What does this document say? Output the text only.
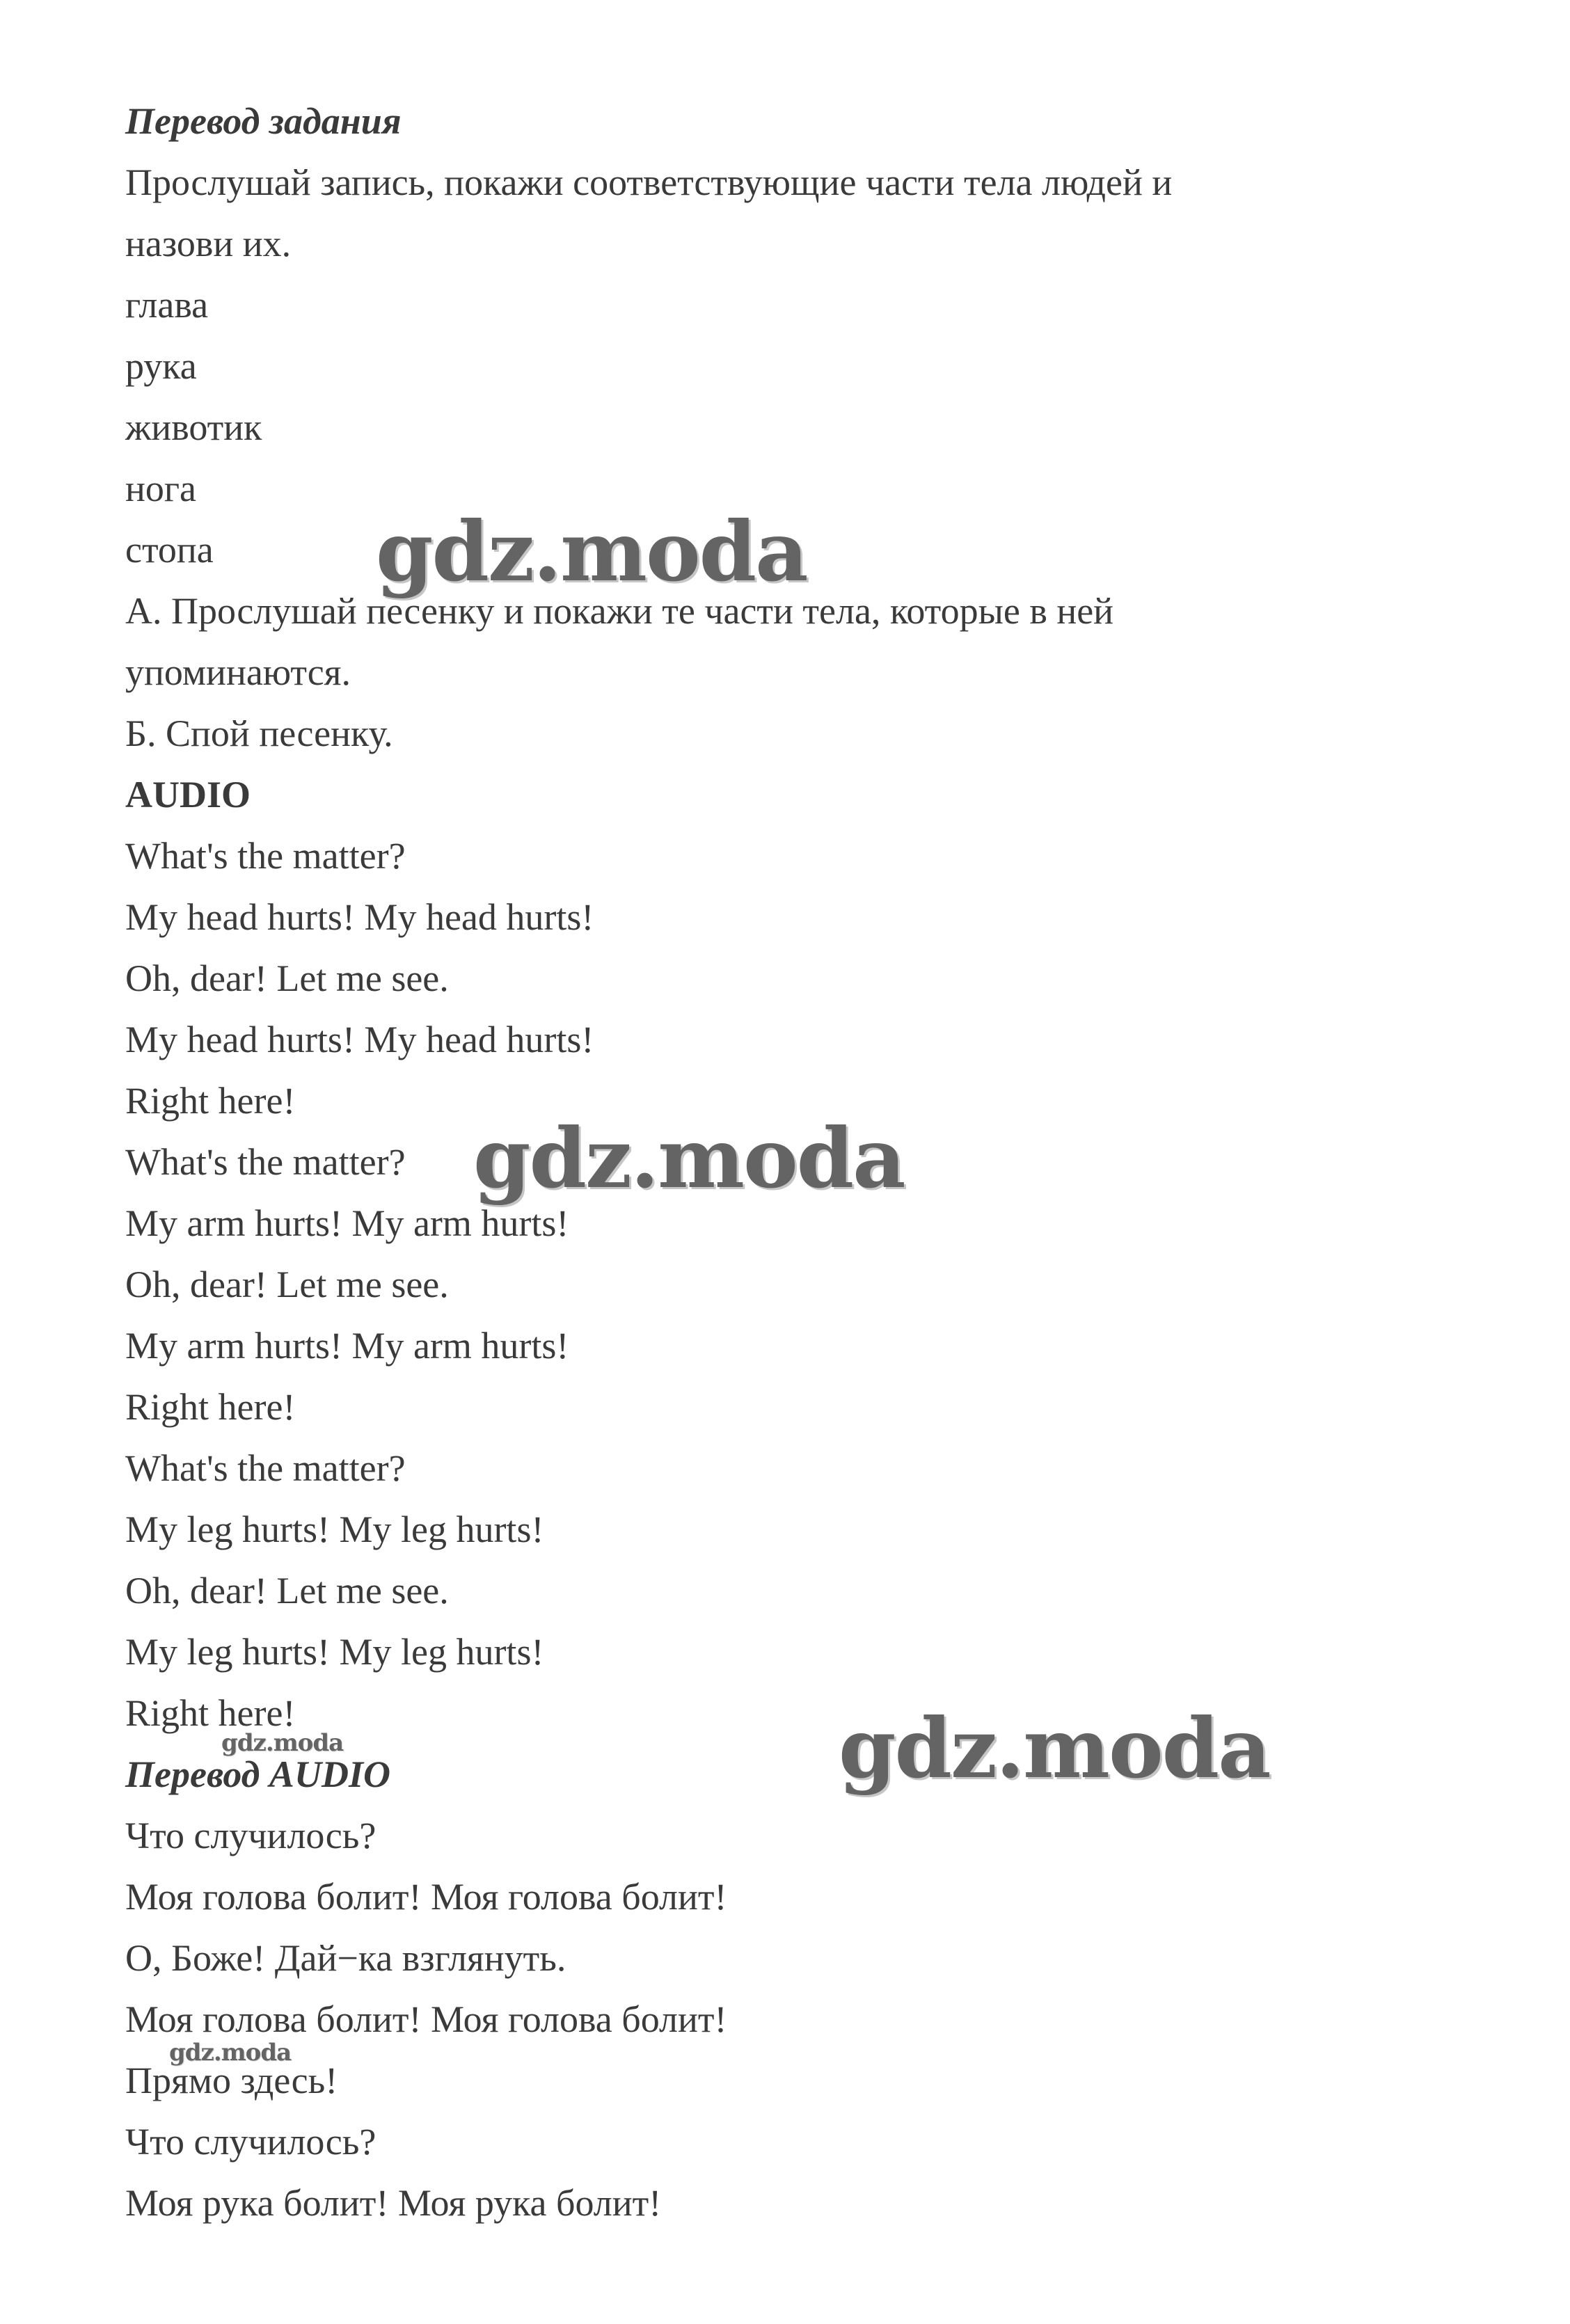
Перевод задания
Прослушай запись, покажи соответствующие части тела людей и
назови их.
глава
рука
животик
нога
стопа
А. Прослушай песенку и покажи те части тела, которые в ней
упоминаются.
Б. Спой песенку.
AUDIO
What's the matter?
My head hurts! My head hurts!
Oh, dear! Let me see.
My head hurts! My head hurts!
Right here!
What's the matter?
My arm hurts! My arm hurts!
Oh, dear! Let me see.
My arm hurts! My arm hurts!
Right here!
What's the matter?
My leg hurts! My leg hurts!
Oh, dear! Let me see.
My leg hurts! My leg hurts!
Right here!
Перевод AUDIO
Что случилось?
Моя голова болит! Моя голова болит!
О, Боже! Дай−ка взглянуть.
Моя голова болит! Моя голова болит!
Прямо здесь!
Что случилось?
Моя рука болит! Моя рука болит!
gdz.moda
gdz.moda
gdz.moda
gdz.moda
gdz.moda
